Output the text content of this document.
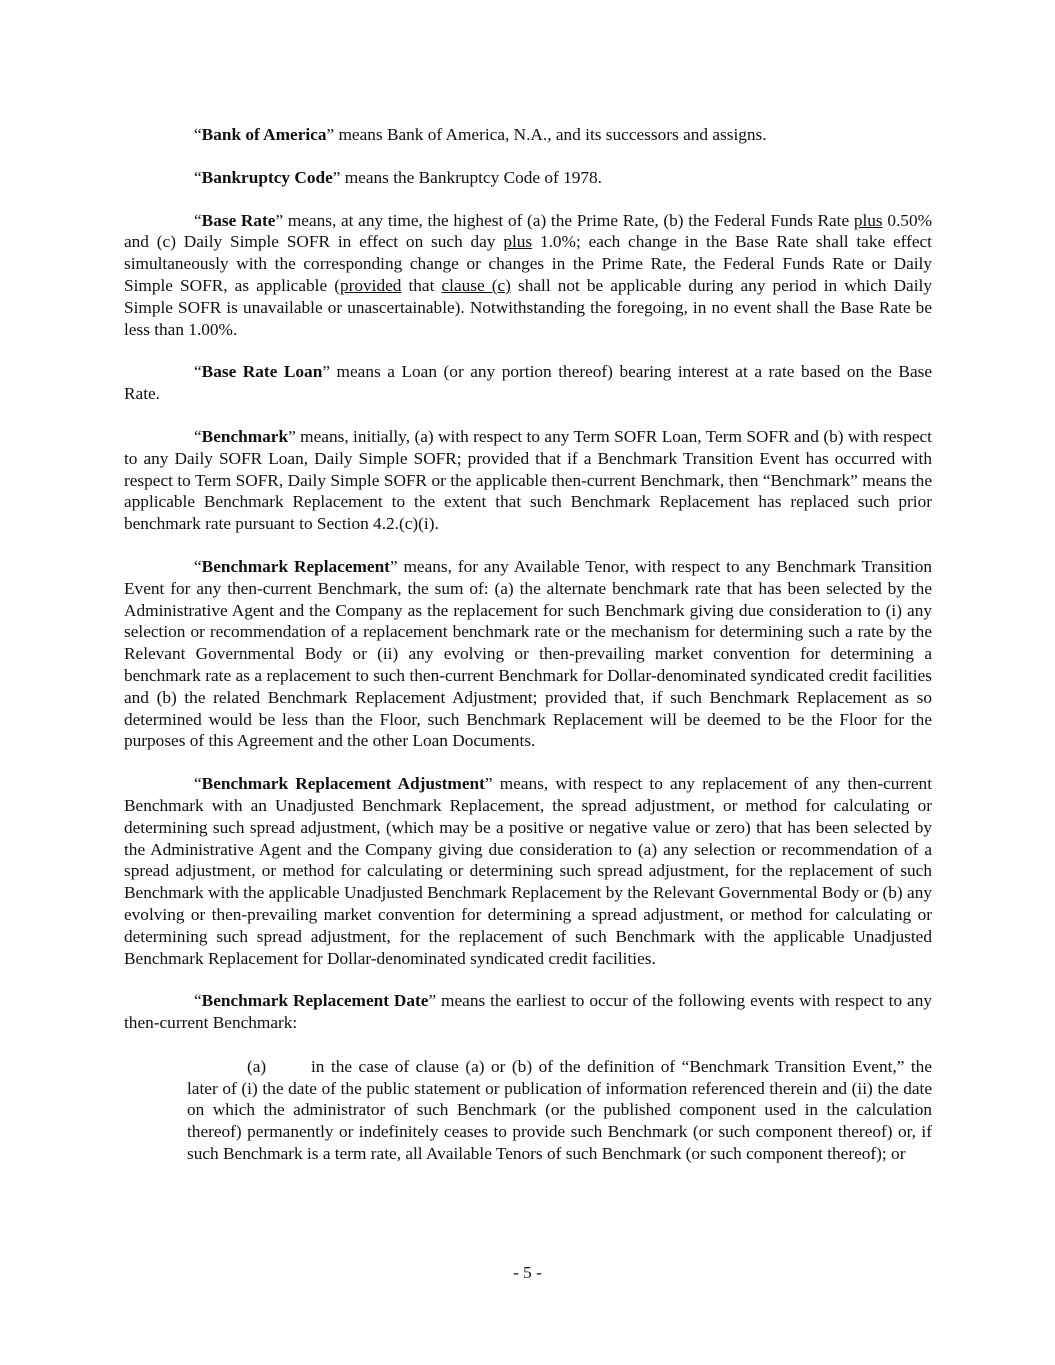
“Bank of America” means Bank of America, N.A., and its successors and assigns.

“Bankruptcy Code” means the Bankruptcy Code of 1978.

“Base Rate” means, at any time, the highest of (a) the Prime Rate, (b) the Federal Funds Rate plus 0.50% and (c) Daily Simple SOFR in effect on such day plus 1.0%; each change in the Base Rate shall take effect simultaneously with the corresponding change or changes in the Prime Rate, the Federal Funds Rate or Daily Simple SOFR, as applicable (provided that clause (c) shall not be applicable during any period in which Daily Simple SOFR is unavailable or unascertainable). Notwithstanding the foregoing, in no event shall the Base Rate be less than 1.00%.

“Base Rate Loan” means a Loan (or any portion thereof) bearing interest at a rate based on the Base Rate.

“Benchmark” means, initially, (a) with respect to any Term SOFR Loan, Term SOFR and (b) with respect to any Daily SOFR Loan, Daily Simple SOFR; provided that if a Benchmark Transition Event has occurred with respect to Term SOFR, Daily Simple SOFR or the applicable then-current Benchmark, then “Benchmark” means the applicable Benchmark Replacement to the extent that such Benchmark Replacement has replaced such prior benchmark rate pursuant to Section 4.2.(c)(i).

“Benchmark Replacement” means, for any Available Tenor, with respect to any Benchmark Transition Event for any then-current Benchmark, the sum of: (a) the alternate benchmark rate that has been selected by the Administrative Agent and the Company as the replacement for such Benchmark giving due consideration to (i) any selection or recommendation of a replacement benchmark rate or the mechanism for determining such a rate by the Relevant Governmental Body or (ii) any evolving or then-prevailing market convention for determining a benchmark rate as a replacement to such then-current Benchmark for Dollar-denominated syndicated credit facilities and (b) the related Benchmark Replacement Adjustment; provided that, if such Benchmark Replacement as so determined would be less than the Floor, such Benchmark Replacement will be deemed to be the Floor for the purposes of this Agreement and the other Loan Documents.

“Benchmark Replacement Adjustment” means, with respect to any replacement of any then-current Benchmark with an Unadjusted Benchmark Replacement, the spread adjustment, or method for calculating or determining such spread adjustment, (which may be a positive or negative value or zero) that has been selected by the Administrative Agent and the Company giving due consideration to (a) any selection or recommendation of a spread adjustment, or method for calculating or determining such spread adjustment, for the replacement of such Benchmark with the applicable Unadjusted Benchmark Replacement by the Relevant Governmental Body or (b) any evolving or then-prevailing market convention for determining a spread adjustment, or method for calculating or determining such spread adjustment, for the replacement of such Benchmark with the applicable Unadjusted Benchmark Replacement for Dollar-denominated syndicated credit facilities.

“Benchmark Replacement Date” means the earliest to occur of the following events with respect to any then-current Benchmark:

(a)	in the case of clause (a) or (b) of the definition of “Benchmark Transition Event,” the later of (i) the date of the public statement or publication of information referenced therein and (ii) the date on which the administrator of such Benchmark (or the published component used in the calculation thereof) permanently or indefinitely ceases to provide such Benchmark (or such component thereof) or, if such Benchmark is a term rate, all Available Tenors of such Benchmark (or such component thereof); or

- 5 -
